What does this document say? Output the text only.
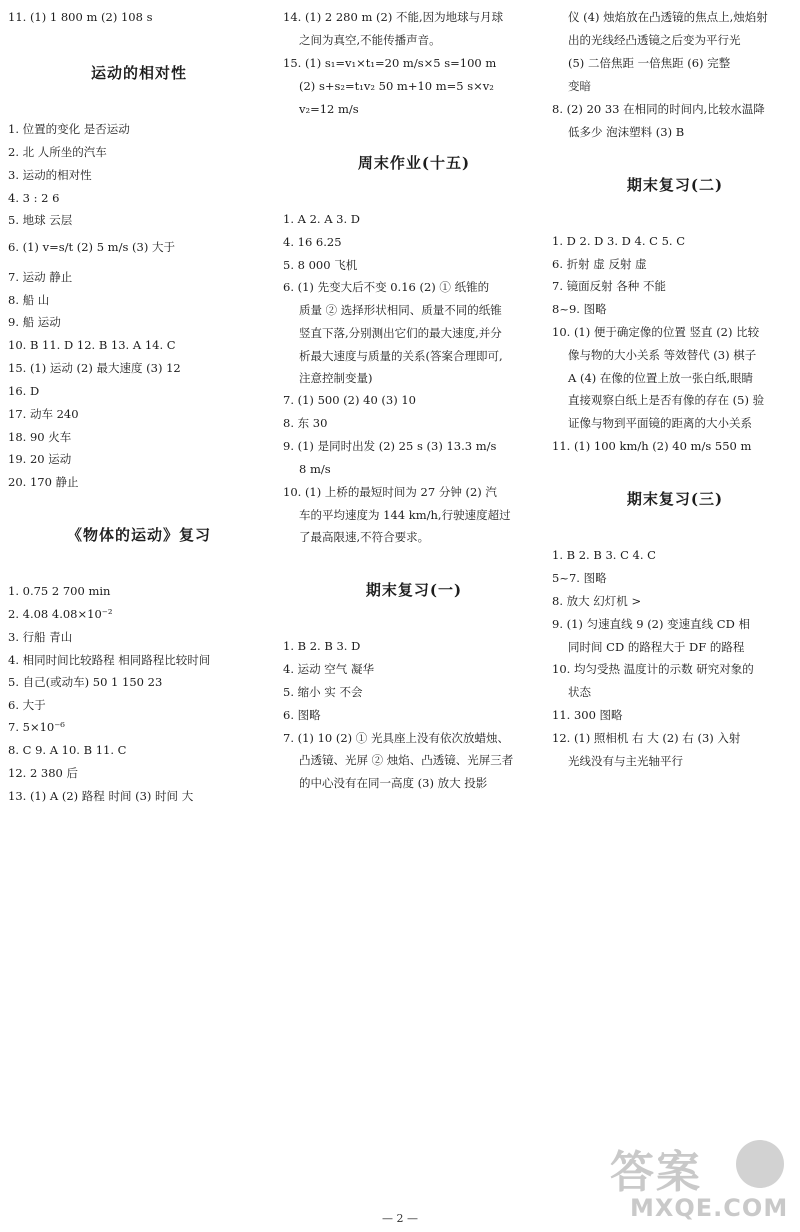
11. (1) 1 800 m (2) 108 s
运动的相对性
1. 位置的变化 是否运动
2. 北 人所坐的汽车
3. 运动的相对性
4. 3 : 2 6
5. 地球 云层
6. (1) v=s/t (2) 5 m/s (3) 大于
7. 运动 静止
8. 船 山
9. 船 运动
10. B 11. D 12. B 13. A 14. C
15. (1) 运动 (2) 最大速度 (3) 12
16. D
17. 动车 240
18. 90 火车
19. 20 运动
20. 170 静止
《物体的运动》复习
1. 0.75 2 700 min
2. 4.08 4.08×10⁻²
3. 行船 青山
4. 相同时间比较路程 相同路程比较时间
5. 自己(或动车) 50 1 150 23
6. 大于
7. 5×10⁻⁶
8. C 9. A 10. B 11. C
12. 2 380 后
13. (1) A (2) 路程 时间 (3) 时间 大
14. (1) 2 280 m (2) 不能,因为地球与月球
之间为真空,不能传播声音。
15. (1) s₁=v₁×t₁=20 m/s×5 s=100 m
(2) s+s₂=t₁v₂ 50 m+10 m=5 s×v₂
v₂=12 m/s
周末作业(十五)
1. A 2. A 3. D
4. 16 6.25
5. 8 000 飞机
6. (1) 先变大后不变 0.16 (2) ① 纸锥的
质量 ② 选择形状相同、质量不同的纸锥
竖直下落,分别测出它们的最大速度,并分
析最大速度与质量的关系(答案合理即可,
注意控制变量)
7. (1) 500 (2) 40 (3) 10
8. 东 30
9. (1) 是同时出发 (2) 25 s (3) 13.3 m/s
8 m/s
10. (1) 上桥的最短时间为 27 分钟 (2) 汽
车的平均速度为 144 km/h,行驶速度超过
了最高限速,不符合要求。
期末复习(一)
1. B 2. B 3. D
4. 运动 空气 凝华
5. 缩小 实 不会
6. 图略
7. (1) 10 (2) ① 光具座上没有依次放蜡烛、
凸透镜、光屏 ② 烛焰、凸透镜、光屏三者
的中心没有在同一高度 (3) 放大 投影
仪 (4) 烛焰放在凸透镜的焦点上,烛焰射
出的光线经凸透镜之后变为平行光
(5) 二倍焦距 一倍焦距 (6) 完整
变暗
8. (2) 20 33 在相同的时间内,比较水温降
低多少 泡沫塑料 (3) B
期末复习(二)
1. D 2. D 3. D 4. C 5. C
6. 折射 虚 反射 虚
7. 镜面反射 各种 不能
8~9. 图略
10. (1) 便于确定像的位置 竖直 (2) 比较
像与物的大小关系 等效替代 (3) 棋子
A (4) 在像的位置上放一张白纸,眼睛
直接观察白纸上是否有像的存在 (5) 验
证像与物到平面镜的距离的大小关系
11. (1) 100 km/h (2) 40 m/s 550 m
期末复习(三)
1. B 2. B 3. C 4. C
5~7. 图略
8. 放大 幻灯机 >
9. (1) 匀速直线 9 (2) 变速直线 CD 相
同时间 CD 的路程大于 DF 的路程
10. 均匀受热 温度计的示数 研究对象的
状态
11. 300 图略
12. (1) 照相机 右 大 (2) 右 (3) 入射
光线没有与主光轴平行
— 2 —
答案
MXQE.COM
